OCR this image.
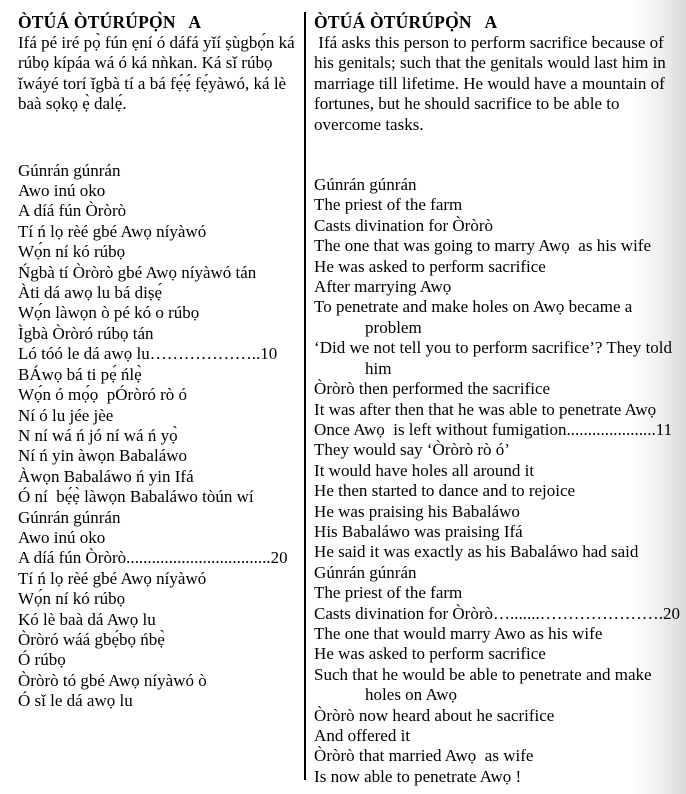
ÒTÚÁ ÒTÚRÚPỌ̀N   A
Ifá pé iré pọ̀ fún ẹní ó dáfá yǐí ṣùgbọ́n ká
rúbọ kípáa wá ó ká nǹkan. Ká sǐ rúbọ
ǐwáyé torí ǐgbà tí a bá fẹ́ẹ́ fẹ́yàwó, ká lè
baà sọkọ ẹ̀ dalẹ́.
Gúnrán gúnrán
Awo inú oko
A díá fún Òròrò
Tí ń lọ rèé gbé Awọ níyàwó
Wọ́n ní kó rúbọ
Ńgbà tí Òròrò gbé Awọ níyàwó tán
Àti dá awọ lu bá diṣẹ́
Wọ́n làwọn ò pé kó o rúbọ
Ìgbà Òròró rúbọ tán
Ló tóó le dá awọ lu………………..10
BÁwọ bá ti pẹ́ ńlẹ̀
Wọ́n ó mọ́ọ  pÓròró rò ó
Ní ó lu jée jèe
N ní wá ń jó ní wá ń yọ̀
Ní ń yin àwọn Babaláwo
Àwọn Babaláwo ń yin Ifá
Ó ní  bẹ́ẹ̀ làwọn Babaláwo tòún wí
Gúnrán gúnrán
Awo inú oko
A díá fún Òròrò..................................20
Tí ń lọ rèé gbé Awọ níyàwó
Wọ́n ní kó rúbọ
Kó lè baà dá Awọ lu
Òròró wáá gbẹ́bọ ńbẹ̀
Ó rúbọ
Òròrò tó gbé Awọ níyàwó ò
Ó sǐ le dá awọ lu
ÒTÚÁ ÒTÚRÚPỌ̀N   A
Ifá asks this person to perform sacrifice because of
his genitals; such that the genitals would last him in
marriage till lifetime. He would have a mountain of
fortunes, but he should sacrifice to be able to
overcome tasks.
Gúnrán gúnrán
The priest of the farm
Casts divination for Òròrò
The one that was going to marry Awọ  as his wife
He was asked to perform sacrifice
After marrying Awọ
To penetrate and make holes on Awọ became a
problem
‘Did we not tell you to perform sacrifice’? They told
him
Òròrò then performed the sacrifice
It was after then that he was able to penetrate Awọ
Once Awọ  is left without fumigation.....................11
They would say ‘Òròrò rò ó’
It would have holes all around it
He then started to dance and to rejoice
He was praising his Babaláwo
His Babaláwo was praising Ifá
He said it was exactly as his Babaláwo had said
Gúnrán gúnrán
The priest of the farm
Casts divination for Òròrò….......………………….20
The one that would marry Awo as his wife
He was asked to perform sacrifice
Such that he would be able to penetrate and make
holes on Awọ
Òròrò now heard about he sacrifice
And offered it
Òròrò that married Awọ  as wife
Is now able to penetrate Awọ !
